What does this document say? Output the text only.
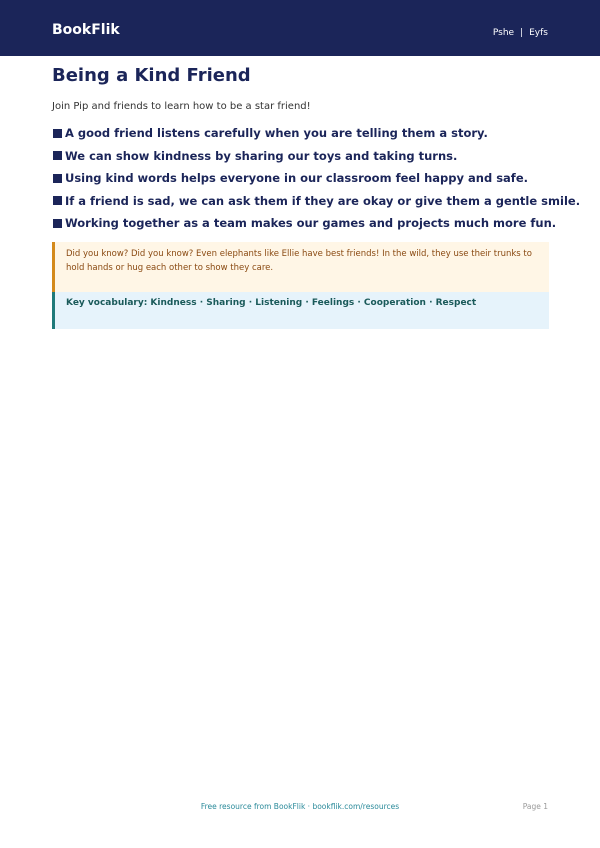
BookFlik	Pshe | Eyfs
Being a Kind Friend
Join Pip and friends to learn how to be a star friend!
A good friend listens carefully when you are telling them a story.
We can show kindness by sharing our toys and taking turns.
Using kind words helps everyone in our classroom feel happy and safe.
If a friend is sad, we can ask them if they are okay or give them a gentle smile.
Working together as a team makes our games and projects much more fun.
Did you know? Did you know? Even elephants like Ellie have best friends! In the wild, they use their trunks to hold hands or hug each other to show they care.
Key vocabulary: Kindness · Sharing · Listening · Feelings · Cooperation · Respect
Free resource from BookFlik · bookflik.com/resources	Page 1
